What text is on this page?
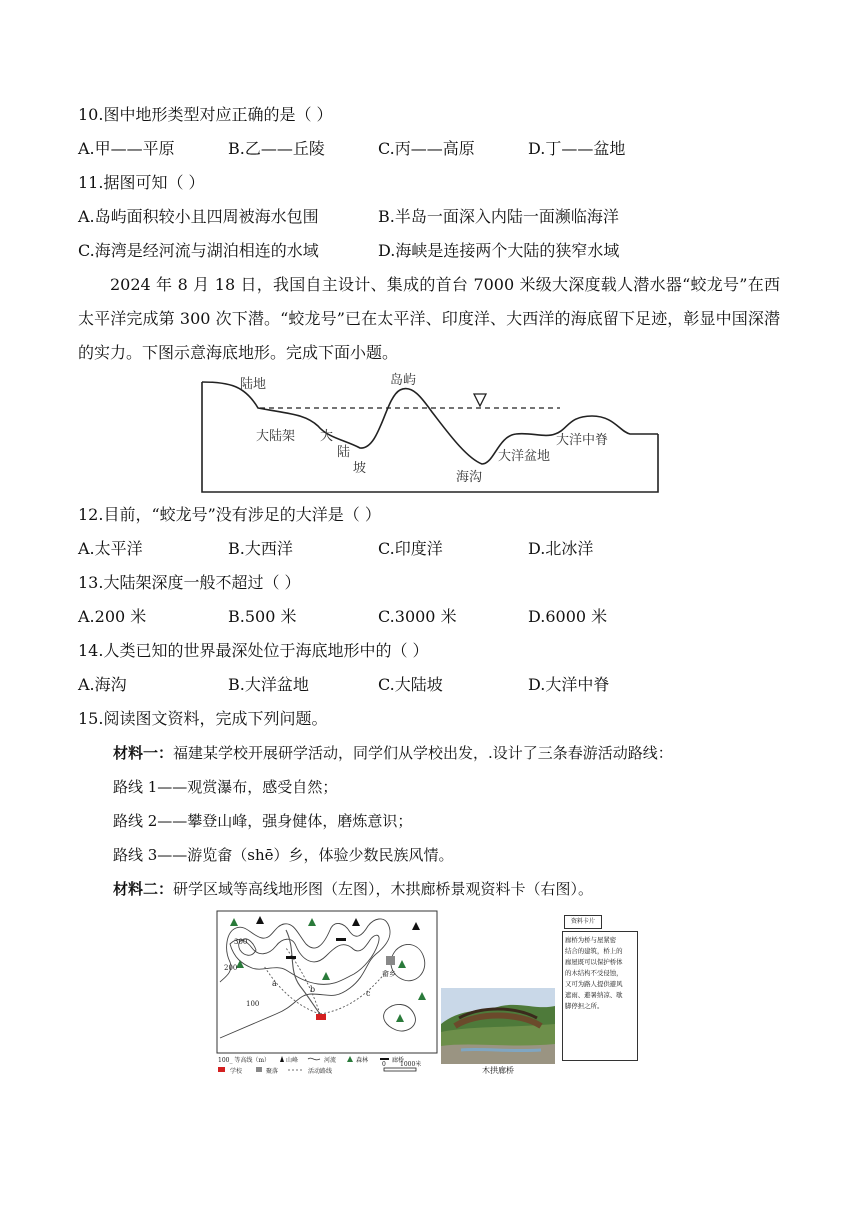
10.图中地形类型对应正确的是（ ）
A.甲——平原	B.乙——丘陵	C.丙——高原	D.丁——盆地
11.据图可知（ ）
A.岛屿面积较小且四周被海水包围	B.半岛一面深入内陆一面濒临海洋
C.海湾是经河流与湖泊相连的水域	D.海峡是连接两个大陆的狭窄水域
2024 年 8 月 18 日，我国自主设计、集成的首台 7000 米级大深度载人潜水器“蛟龙号”在西太平洋完成第 300 次下潜。“蛟龙号”已在太平洋、印度洋、大西洋的海底留下足迹，彰显中国深潜的实力。下图示意海底地形。完成下面小题。
陆地	岛屿
大陆架 大
陆
坡
海沟
大洋盆地
大洋中脊
12.目前，“蛟龙号”没有涉足的大洋是（ ）
A.太平洋	B.大西洋	C.印度洋	D.北冰洋
13.大陆架深度一般不超过（ ）
A.200 米	B.500 米	C.3000 米	D.6000 米
14.人类已知的世界最深处位于海底地形中的（ ）
A.海沟	B.大洋盆地	C.大陆坡	D.大洋中脊
15.阅读图文资料，完成下列问题。
材料一：福建某学校开展研学活动，同学们从学校出发，.设计了三条春游活动路线：
路线 1——观赏瀑布，感受自然；
路线 2——攀登山峰，强身健体，磨炼意识；
路线 3——游览畲（shē）乡，体验少数民族风情。
材料二：研学区域等高线地形图（左图），木拱廊桥景观资料卡（右图）。
300
200
100
a
b	c
畲乡
100_ 等高线（m）	山峰	河流	森林	廊桥
学校	聚落	活动路线
0 1000米
木拱廊桥
资料卡片
廊桥为桥与屋紧密
结合的建筑，桥上的
廊屋既可以保护桥体
的木结构不受侵蚀，
又可为路人提供避风
遮雨、避暑纳凉、歇
脚停担之所。
